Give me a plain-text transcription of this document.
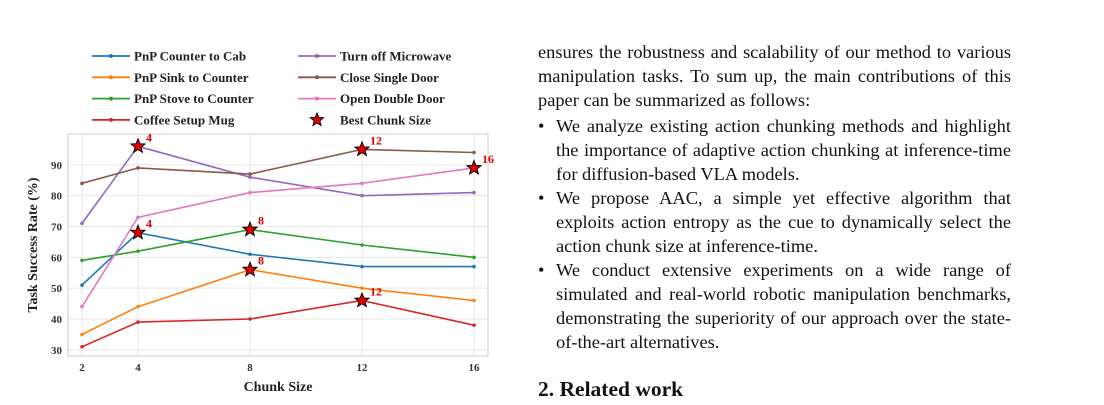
PnP Counter to Cab
PnP Sink to Counter
PnP Stove to Counter
Coffee Setup Mug
Turn off Microwave
Close Single Door
Open Double Door
Best Chunk Size
30
40
50
60
70
80
90
2	4	8	12	16
4
8
8
12
4	12
16
Chunk Size
Task Success Rate (%)

ensures the robustness and scalability of our method to various manipulation tasks. To sum up, the main contributions of this paper can be summarized as follows:

• We analyze existing action chunking methods and highlight the importance of adaptive action chunking at inference-time for diffusion-based VLA models.
• We propose AAC, a simple yet effective algorithm that exploits action entropy as the cue to dynamically select the action chunk size at inference-time.
• We conduct extensive experiments on a wide range of simulated and real-world robotic manipulation benchmarks, demonstrating the superiority of our approach over the state-of-the-art alternatives.
2. Related work
